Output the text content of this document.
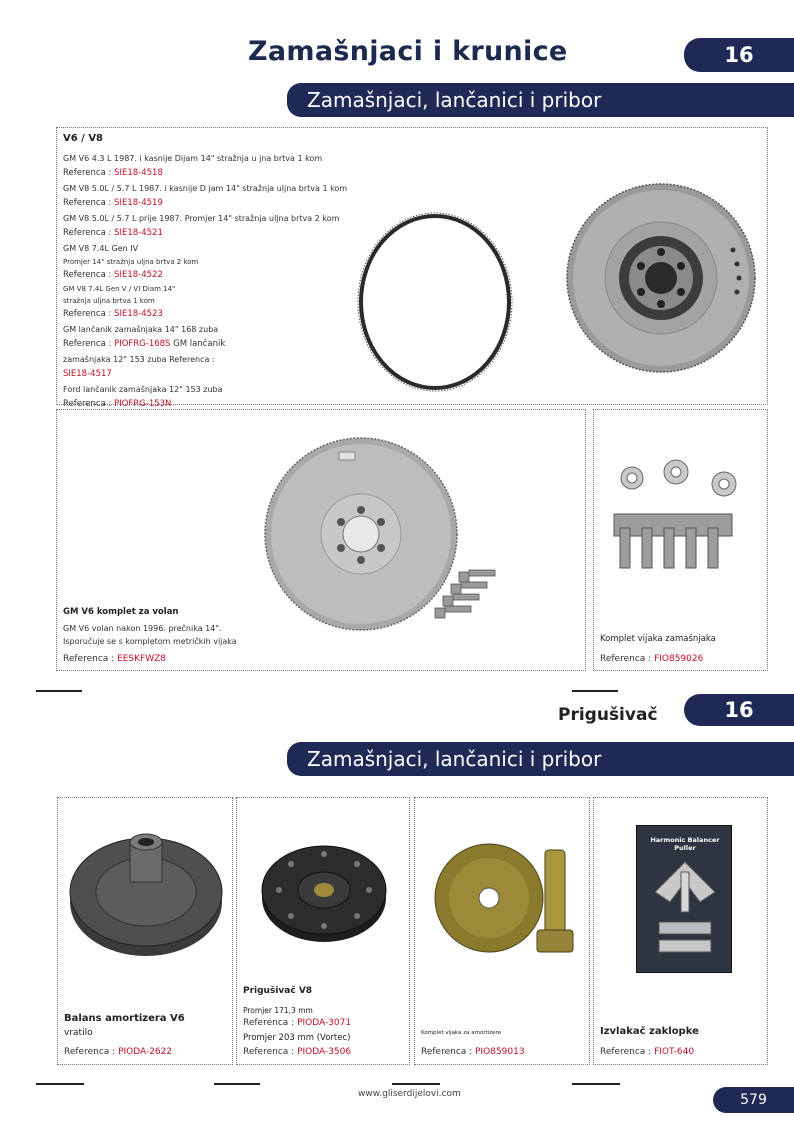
Zamašnjaci i krunice	16
Zamašnjaci, lančanici i pribor
V6 / V8
GM V6 4.3 L 1987. i kasnije Dijam 14" stražnja u jna brtva 1 kom
Referenca : SIE18-4518
GM V8 5.0L / 5.7 L 1987. i kasnije D jam 14" stražnja uljna brtva 1 kom
Referenca : SIE18-4519
GM V8 5.0L / 5.7 L prije 1987. Promjer 14" stražnja uljna brtva 2 kom
Referenca : SIE18-4521
GM V8 7.4L Gen IV
Promjer 14" stražnja uljna brtva 2 kom
Referenca : SIE18-4522
GM V8 7.4L Gen V / VI Diam 14"
stražnja uljna brtva 1 kom
Referenca : SIE18-4523
GM lančanik zamašnjaka 14" 168 zuba
Referenca : PIOFRG-168S GM lančanik
zamašnjaka 12" 153 zuba Referenca :
SIE18-4517
Ford lančanik zamašnjaka 12" 153 zuba
Referenca : PIOFRG-153N
GM V6 komplet za volan
GM V6 volan nakon 1996. prečnika 14".
Isporučuje se s kompletom metričkih vijaka
Referenca : EESKFWZ8
Komplet vijaka zamašnjaka
Referenca : FIO859026
Prigušivač	16
Zamašnjaci, lančanici i pribor
Balans amortizera V6
vratilo
Referenca : PIODA-2622
Prigušivač V8
Promjer 171,3 mm
Referenca : PIODA-3071
Promjer 203 mm (Vortec)
Referenca : PIODA-3506
Komplet vijaka za amortizere
Referenca : PIO859013
Harmonic Balancer Puller
Izvlakač zaklopke
Referenca : FIOT-640
www.gliserdijelovi.com	579
